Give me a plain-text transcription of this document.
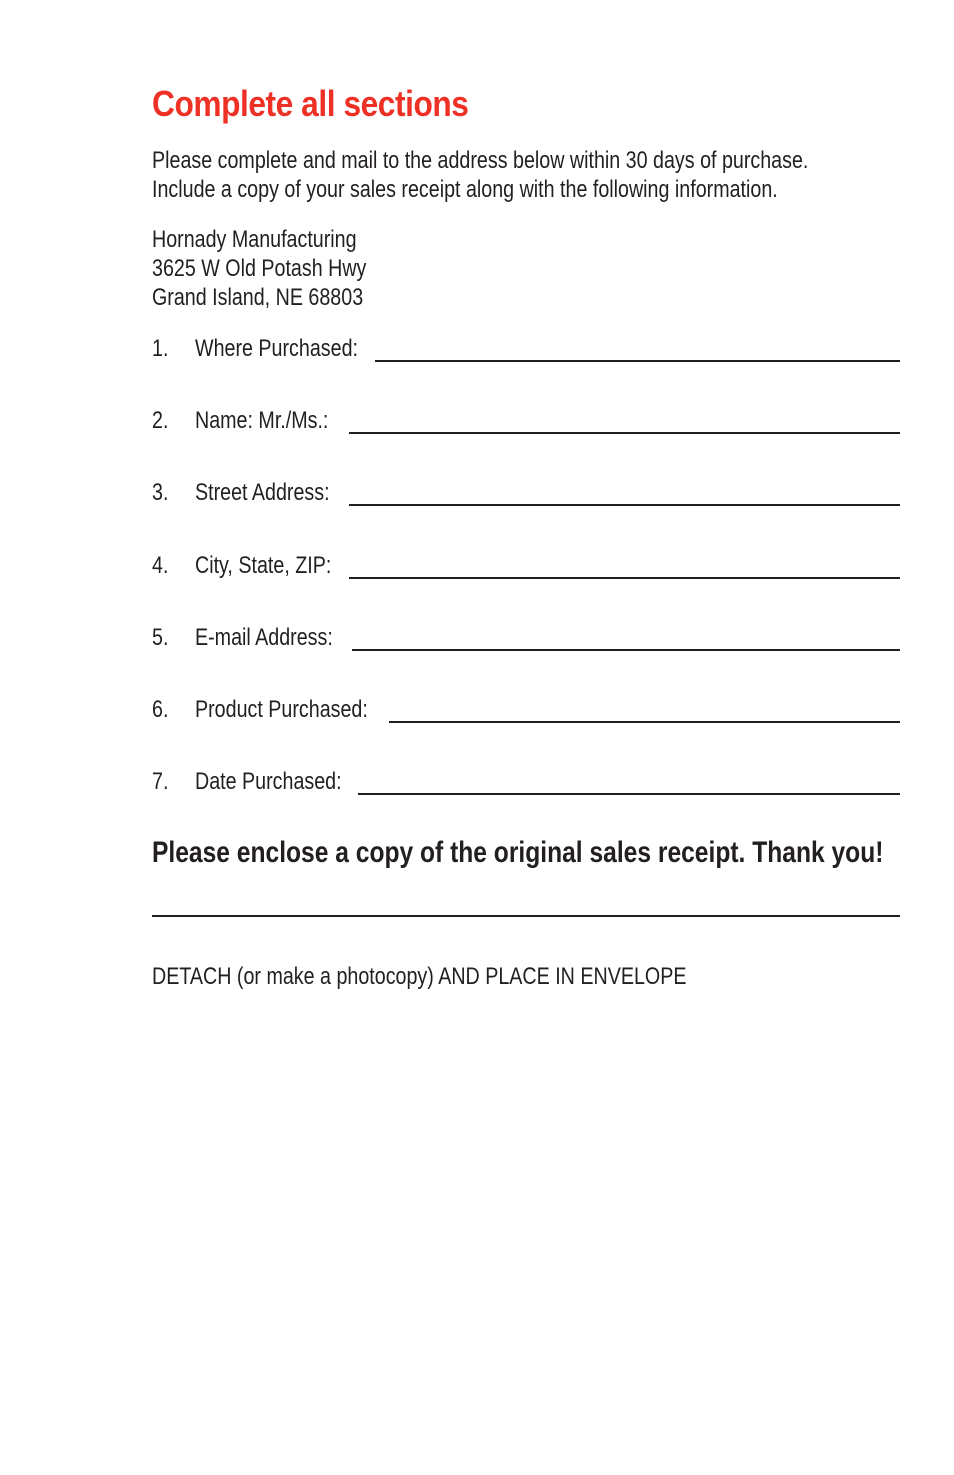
Complete all sections
Please complete and mail to the address below within 30 days of purchase.
Include a copy of your sales receipt along with the following information.
Hornady Manufacturing
3625 W Old Potash Hwy
Grand Island, NE 68803
1.	Where Purchased:
2.	Name: Mr./Ms.:
3.	Street Address:
4.	City, State, ZIP:
5.	E-mail Address:
6.	Product Purchased:
7.	Date Purchased:
Please enclose a copy of the original sales receipt. Thank you!
DETACH (or make a photocopy) AND PLACE IN ENVELOPE
